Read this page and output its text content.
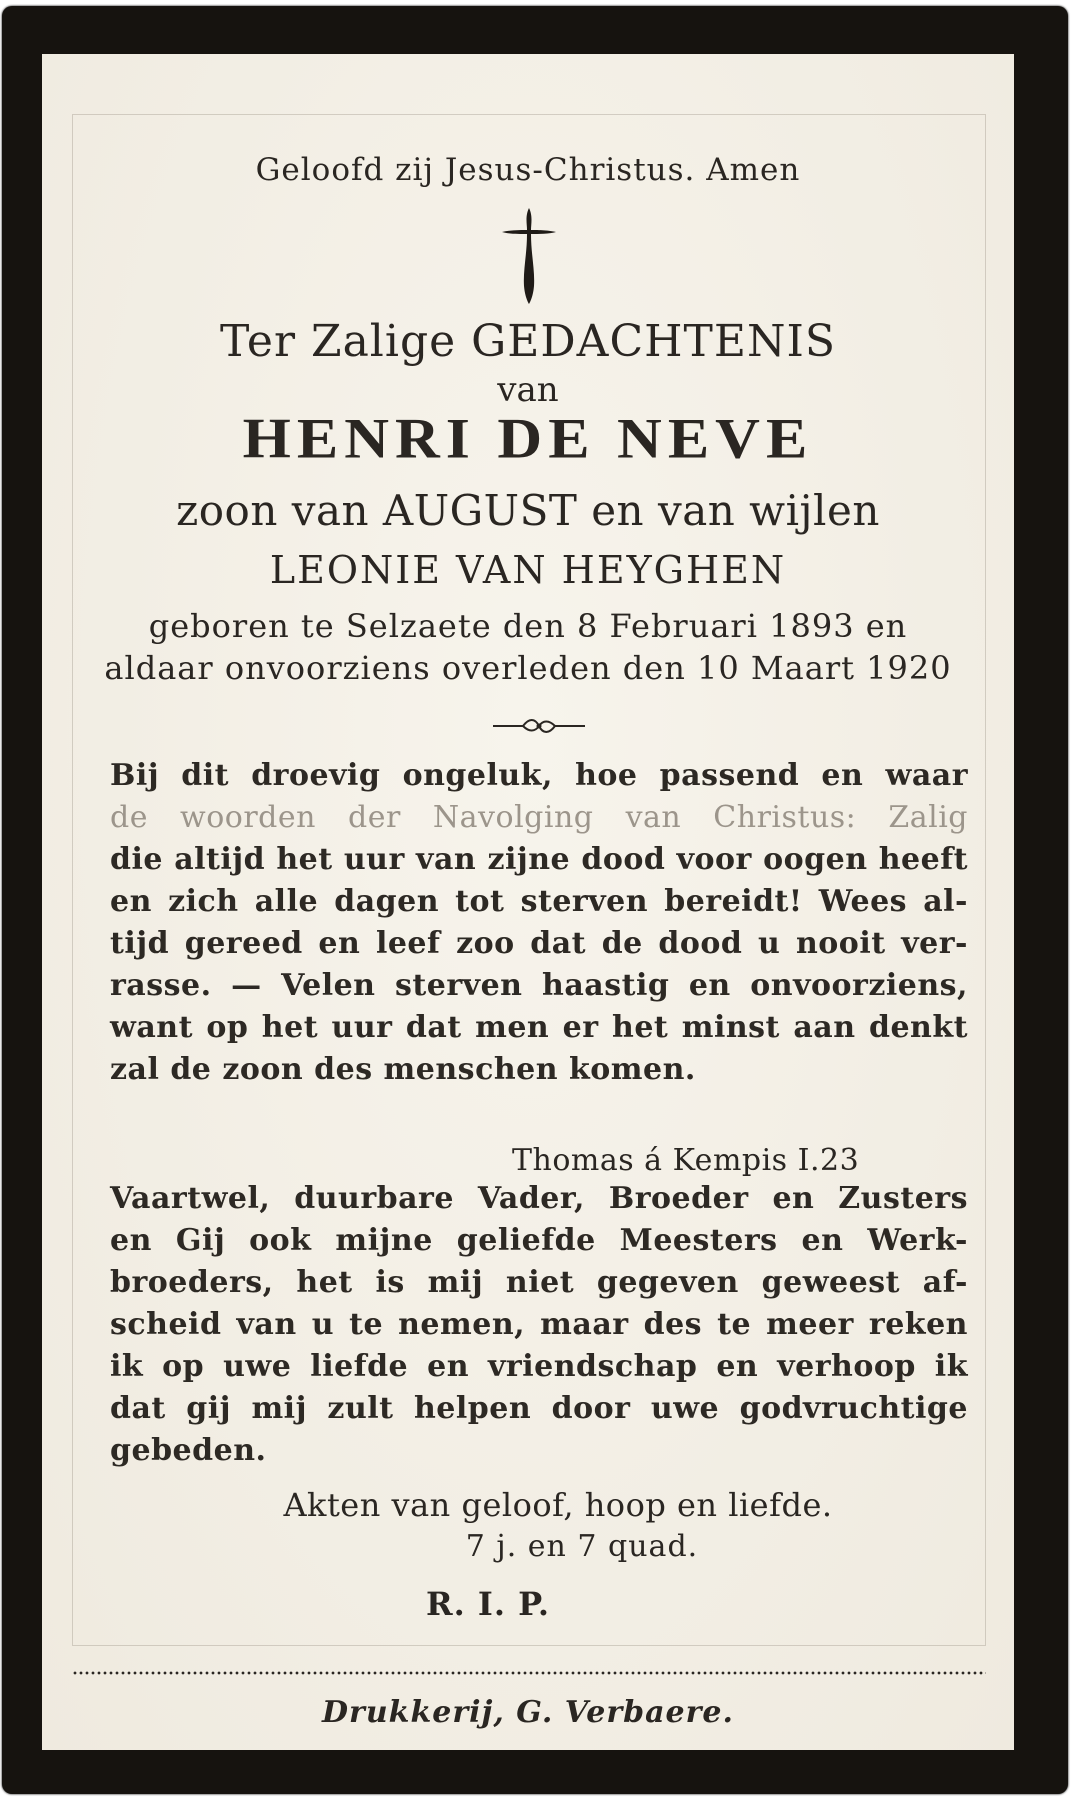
Geloofd zij Jesus-Christus. Amen
Ter Zalige GEDACHTENIS
van
HENRI DE NEVE
zoon van AUGUST en van wijlen
LEONIE VAN HEYGHEN
geboren te Selzaete den 8 Februari 1893 en
aldaar onvoorziens overleden den 10 Maart 1920
Bij dit droevig ongeluk, hoe passend en waar
de woorden der Navolging van Christus: Zalig
die altijd het uur van zijne dood voor oogen heeft
en zich alle dagen tot sterven bereidt! Wees al-
tijd gereed en leef zoo dat de dood u nooit ver-
rasse. — Velen sterven haastig en onvoorziens,
want op het uur dat men er het minst aan denkt
zal de zoon des menschen komen.
Thomas á Kempis I.23
Vaartwel, duurbare Vader, Broeder en Zusters
en Gij ook mijne geliefde Meesters en Werk-
broeders, het is mij niet gegeven geweest af-
scheid van u te nemen, maar des te meer reken
ik op uwe liefde en vriendschap en verhoop ik
dat gij mij zult helpen door uwe godvruchtige
gebeden.
Akten van geloof, hoop en liefde.
7 j. en 7 quad.
R. I. P.
Drukkerij, G. Verbaere.
